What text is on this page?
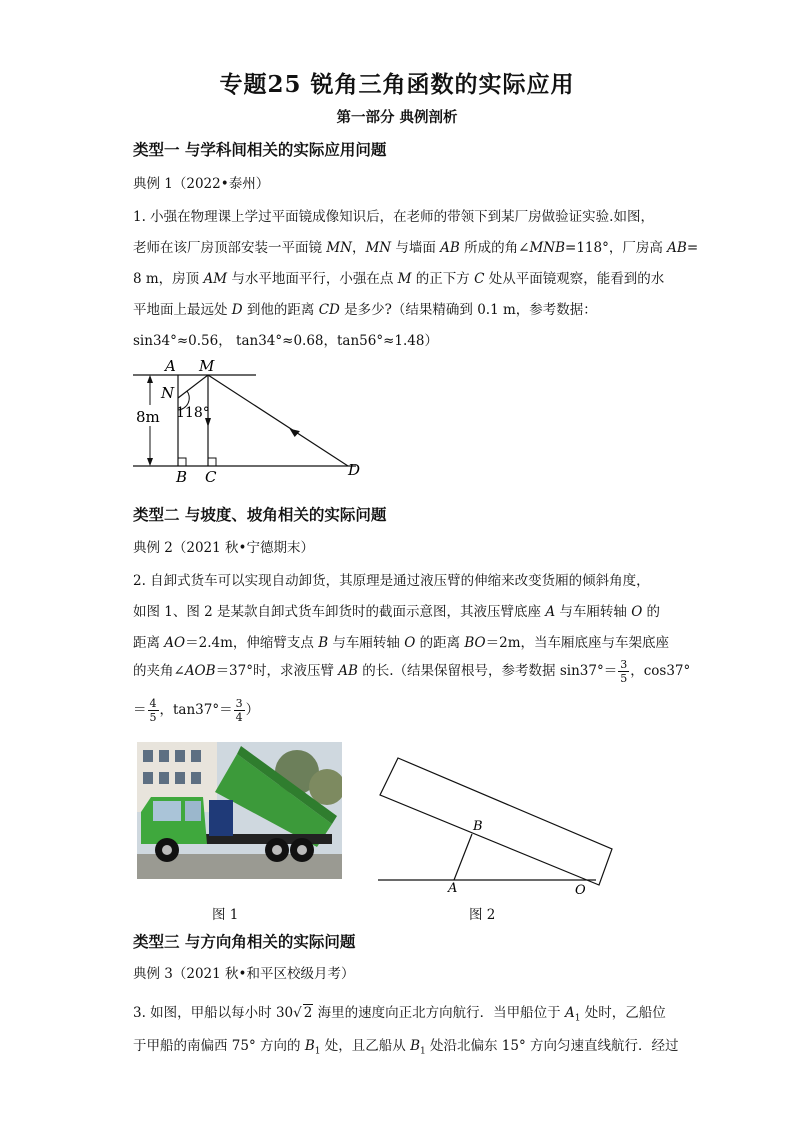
专题25 锐角三角函数的实际应用
第一部分 典例剖析
类型一 与学科间相关的实际应用问题
典例 1（2022•泰州）
1. 小强在物理课上学过平面镜成像知识后，在老师的带领下到某厂房做验证实验.如图，
老师在该厂房顶部安装一平面镜 MN，MN 与墙面 AB 所成的角∠MNB=118°，厂房高 AB=
8 m，房顶 AM 与水平地面平行，小强在点 M 的正下方 C 处从平面镜观察，能看到的水
平地面上最远处 D 到他的距离 CD 是多少?（结果精确到 0.1 m，参考数据：
sin34°≈0.56， tan34°≈0.68，tan56°≈1.48）
A M
N
118°
8m
B C	D
类型二 与坡度、坡角相关的实际问题
典例 2（2021 秋•宁德期末）
2. 自卸式货车可以实现自动卸货，其原理是通过液压臂的伸缩来改变货厢的倾斜角度，
如图 1、图 2 是某款自卸式货车卸货时的截面示意图，其液压臂底座 A 与车厢转轴 O 的
距离 AO＝2.4m，伸缩臂支点 B 与车厢转轴 O 的距离 BO＝2m，当车厢底座与车架底座
的夹角∠AOB＝37°时，求液压臂 AB 的长.（结果保留根号，参考数据 $\sin 37^\circ= \frac{3}{5}$ ，cos37°
＝ $\frac{4}{5}$ ，$\tan 37^\circ= \frac{3}{4}$ ）
图 1
B
A	O
图 2
类型三 与方向角相关的实际问题
典例 3（2021 秋•和平区校级月考）
3. 如图，甲船以每小时 30√ 2 海里的速度向正北方向航行．当甲船位于 $A_1$ 处时，乙船位
于甲船的南偏西 75° 方向的 $B_1$ 处，且乙船从 $B_1$ 处沿北偏东 15° 方向匀速直线航行．经过
